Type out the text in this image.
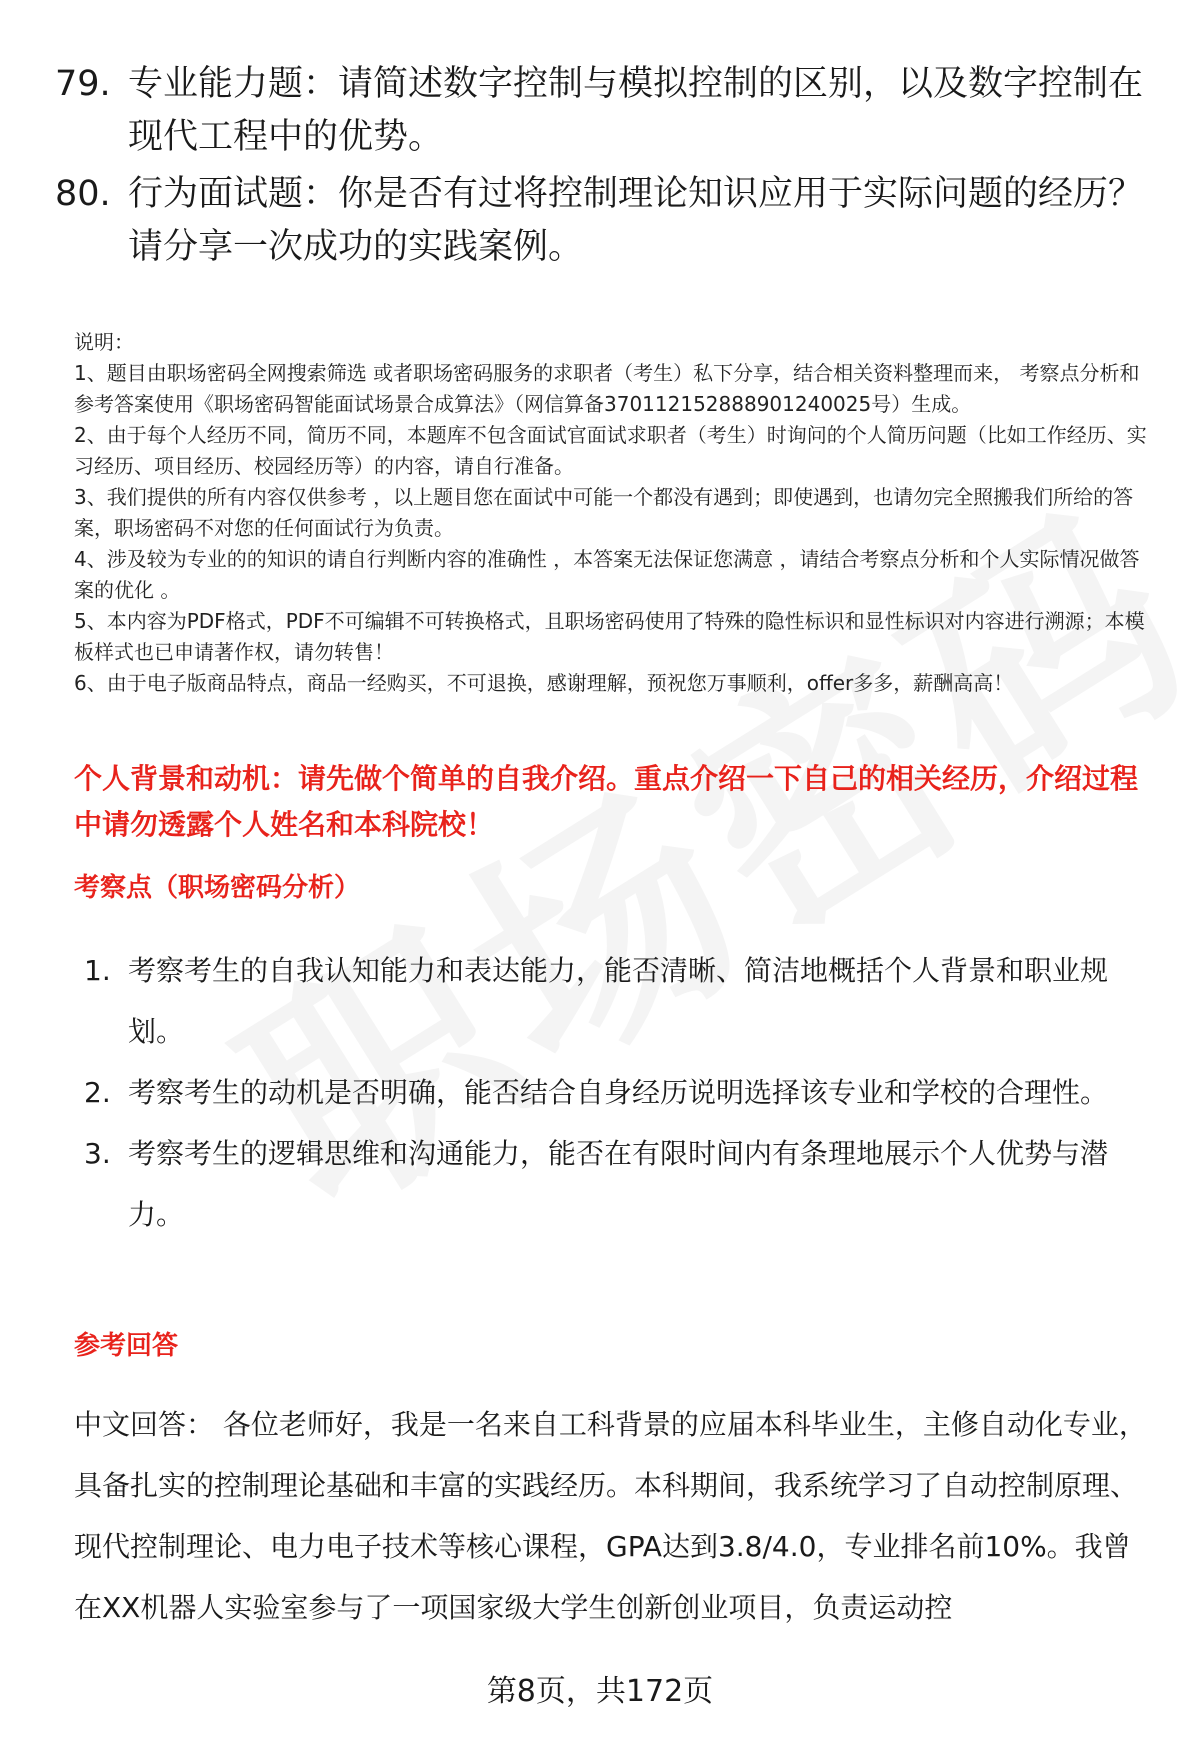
79. 专业能力题：请简述数字控制与模拟控制的区别，以及数字控制在现代工程中的优势。
80. 行为面试题：你是否有过将控制理论知识应用于实际问题的经历？请分享一次成功的实践案例。

说明：

1、题目由职场密码全网搜索筛选 或者职场密码服务的求职者（考生）私下分享，结合相关资料整理而来， 考察点分析和参考答案使用《职场密码智能面试场景合成算法》（网信算备370112152888901240025号）生成。

2、由于每个人经历不同，简历不同，本题库不包含面试官面试求职者（考生）时询问的个人简历问题（比如工作经历、实习经历、项目经历、校园经历等）的内容，请自行准备。

3、我们提供的所有内容仅供参考 ，以上题目您在面试中可能一个都没有遇到；即使遇到，也请勿完全照搬我们所给的答案，职场密码不对您的任何面试行为负责。

4、涉及较为专业的的知识的请自行判断内容的准确性 ，本答案无法保证您满意 ，请结合考察点分析和个人实际情况做答案的优化 。

5、本内容为PDF格式，PDF不可编辑不可转换格式，且职场密码使用了特殊的隐性标识和显性标识对内容进行溯源；本模板样式也已申请著作权，请勿转售！

6、由于电子版商品特点，商品一经购买，不可退换，感谢理解，预祝您万事顺利，offer多多，薪酬高高！

个人背景和动机：请先做个简单的自我介绍。重点介绍一下自己的相关经历，介绍过程中请勿透露个人姓名和本科院校！
考察点（职场密码分析）
1. 考察考生的自我认知能力和表达能力，能否清晰、简洁地概括个人背景和职业规划。
2. 考察考生的动机是否明确，能否结合自身经历说明选择该专业和学校的合理性。
3. 考察考生的逻辑思维和沟通能力，能否在有限时间内有条理地展示个人优势与潜力。
参考回答

中文回答： 各位老师好，我是一名来自工科背景的应届本科毕业生，主修自动化专业，具备扎实的控制理论基础和丰富的实践经历。本科期间，我系统学习了自动控制原理、现代控制理论、电力电子技术等核心课程，GPA达到3.8/4.0，专业排名前10%。我曾在XX机器人实验室参与了一项国家级大学生创新创业项目，负责运动控

第8页，共172页
